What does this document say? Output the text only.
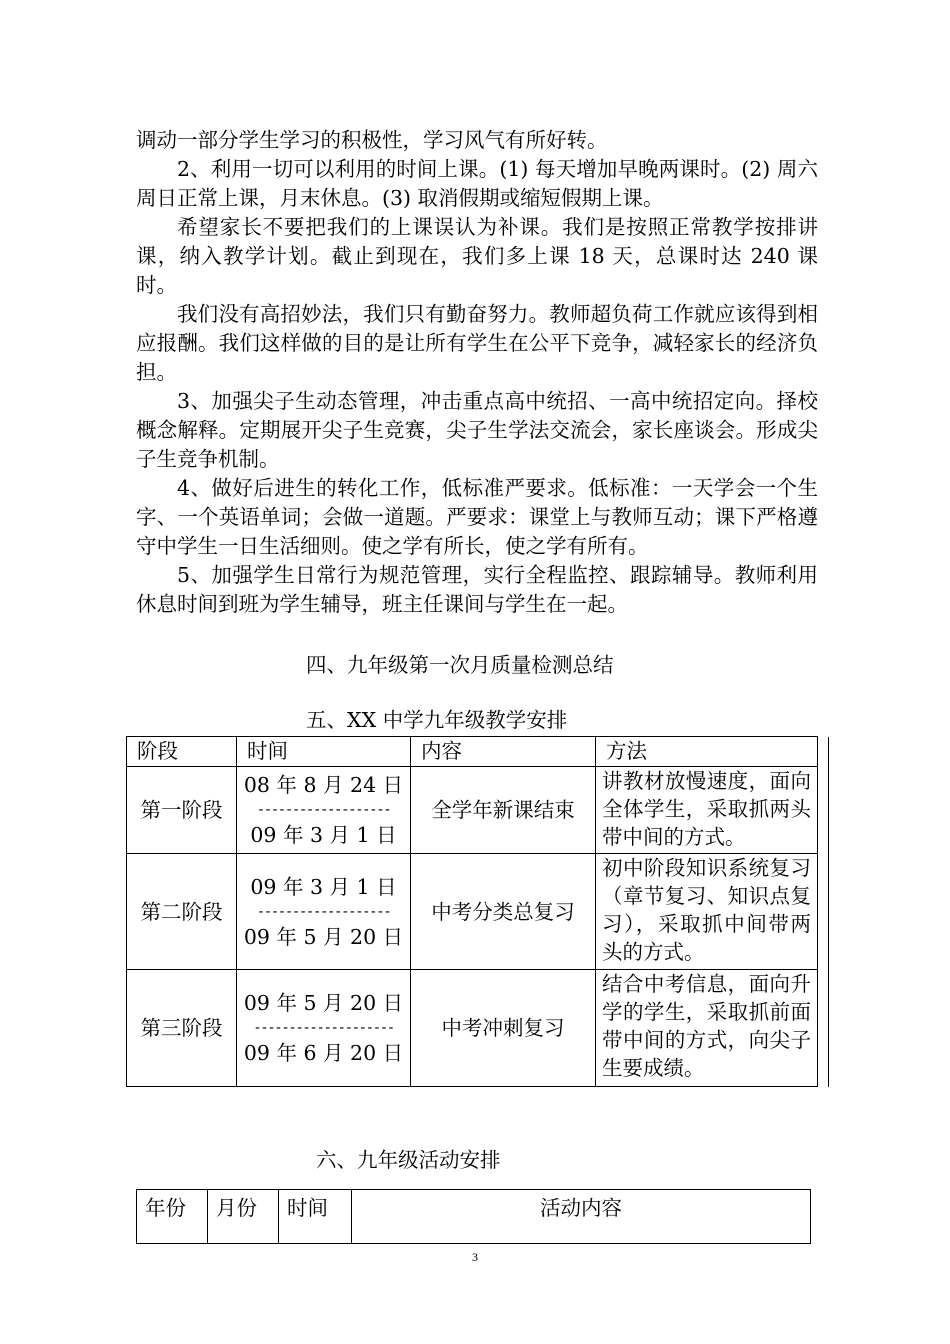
调动一部分学生学习的积极性，学习风气有所好转。

2、利用一切可以利用的时间上课。(1) 每天增加早晚两课时。(2) 周六周日正常上课，月末休息。(3) 取消假期或缩短假期上课。

希望家长不要把我们的上课误认为补课。我们是按照正常教学按排讲课，纳入教学计划。截止到现在，我们多上课 18 天，总课时达 240 课时。

我们没有高招妙法，我们只有勤奋努力。教师超负荷工作就应该得到相应报酬。我们这样做的目的是让所有学生在公平下竞争，减轻家长的经济负担。

3、加强尖子生动态管理，冲击重点高中统招、一高中统招定向。择校概念解释。定期展开尖子生竞赛，尖子生学法交流会，家长座谈会。形成尖子生竞争机制。

4、做好后进生的转化工作，低标准严要求。低标准：一天学会一个生字、一个英语单词；会做一道题。严要求：课堂上与教师互动；课下严格遵守中学生一日生活细则。使之学有所长，使之学有所有。

5、加强学生日常行为规范管理，实行全程监控、跟踪辅导。教师利用休息时间到班为学生辅导，班主任课间与学生在一起。

四、九年级第一次月质量检测总结
五、XX 中学九年级教学安排
阶段	时间	内容	方法	
第一阶段	08 年 8 月 24 日
-------------------
09 年 3 月 1 日	全学年新课结束	讲教材放慢速度，面向全体学生，采取抓两头带中间的方式。	
第二阶段	09 年 3 月 1 日
-------------------
09 年 5 月 20 日	中考分类总复习	初中阶段知识系统复习（章节复习、知识点复习），采取抓中间带两头的方式。	
第三阶段	09 年 5 月 20 日
--------------------
09 年 6 月 20 日	中考冲刺复习	结合中考信息，面向升学的学生，采取抓前面带中间的方式，向尖子生要成绩。	
六、九年级活动安排
年份	月份	时间	活动内容
3
